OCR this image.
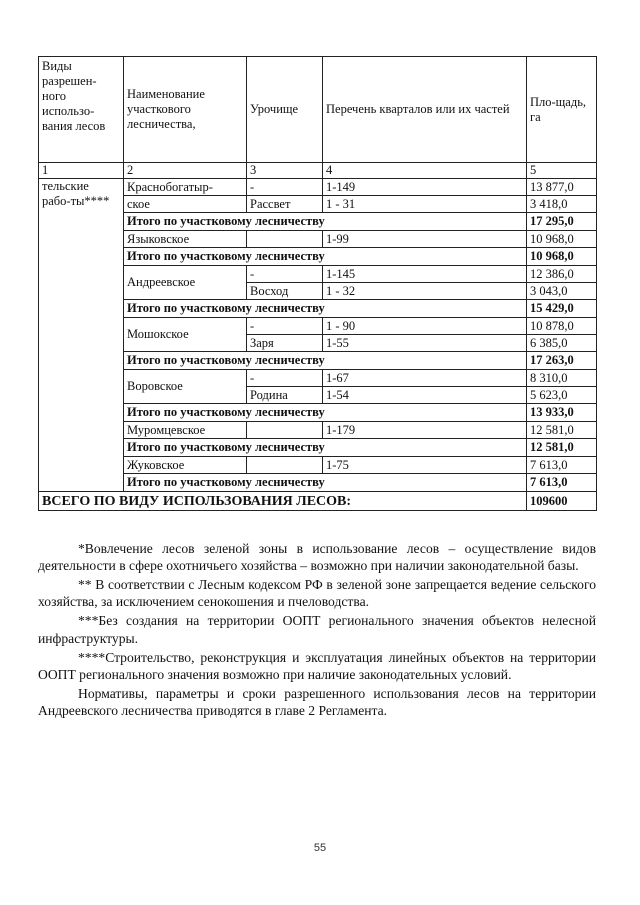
Виды разрешен-ного использо-вания лесов	Наименование участкового лесничества,	Урочище	Перечень кварталов или их частей	Пло-щадь, га
1	2	3	4	5
тельские рабо-ты****	Краснобогатыр-	-	1-149	13 877,0
	ское	Рассвет	1 - 31	3 418,0
	Итого по участковому лесничеству			17 295,0
	Языковское		1-99	10 968,0
	Итого по участковому лесничеству			10 968,0
	Андреевское	-	1-145	12 386,0
		Восход	1 - 32	3 043,0
	Итого по участковому лесничеству			15 429,0
	Мошокское	-	1 - 90	10 878,0
		Заря	1-55	6 385,0
	Итого по участковому лесничеству			17 263,0
	Воровское	-	1-67	8 310,0
		Родина	1-54	5 623,0
	Итого по участковому лесничеству			13 933,0
	Муромцевское		1-179	12 581,0
	Итого по участковому лесничеству			12 581,0
	Жуковское		1-75	7 613,0
	Итого по участковому лесничеству			7 613,0
ВСЕГО ПО ВИДУ ИСПОЛЬЗОВАНИЯ ЛЕСОВ:				109600

*Вовлечение лесов зеленой зоны в использование лесов – осуществление видов деятельности в сфере охотничьего хозяйства – возможно при наличии законодательной базы.

** В соответствии с Лесным кодексом РФ в зеленой зоне запрещается ведение сельского хозяйства, за исключением сенокошения и пчеловодства.

***Без создания на территории ООПТ регионального значения объектов нелесной инфраструктуры.

****Строительство, реконструкция и эксплуатация линейных объектов на территории ООПТ регионального значения возможно при наличие законодательных условий.

Нормативы, параметры и сроки разрешенного использования лесов на территории Андреевского лесничества приводятся в главе 2 Регламента.

55
